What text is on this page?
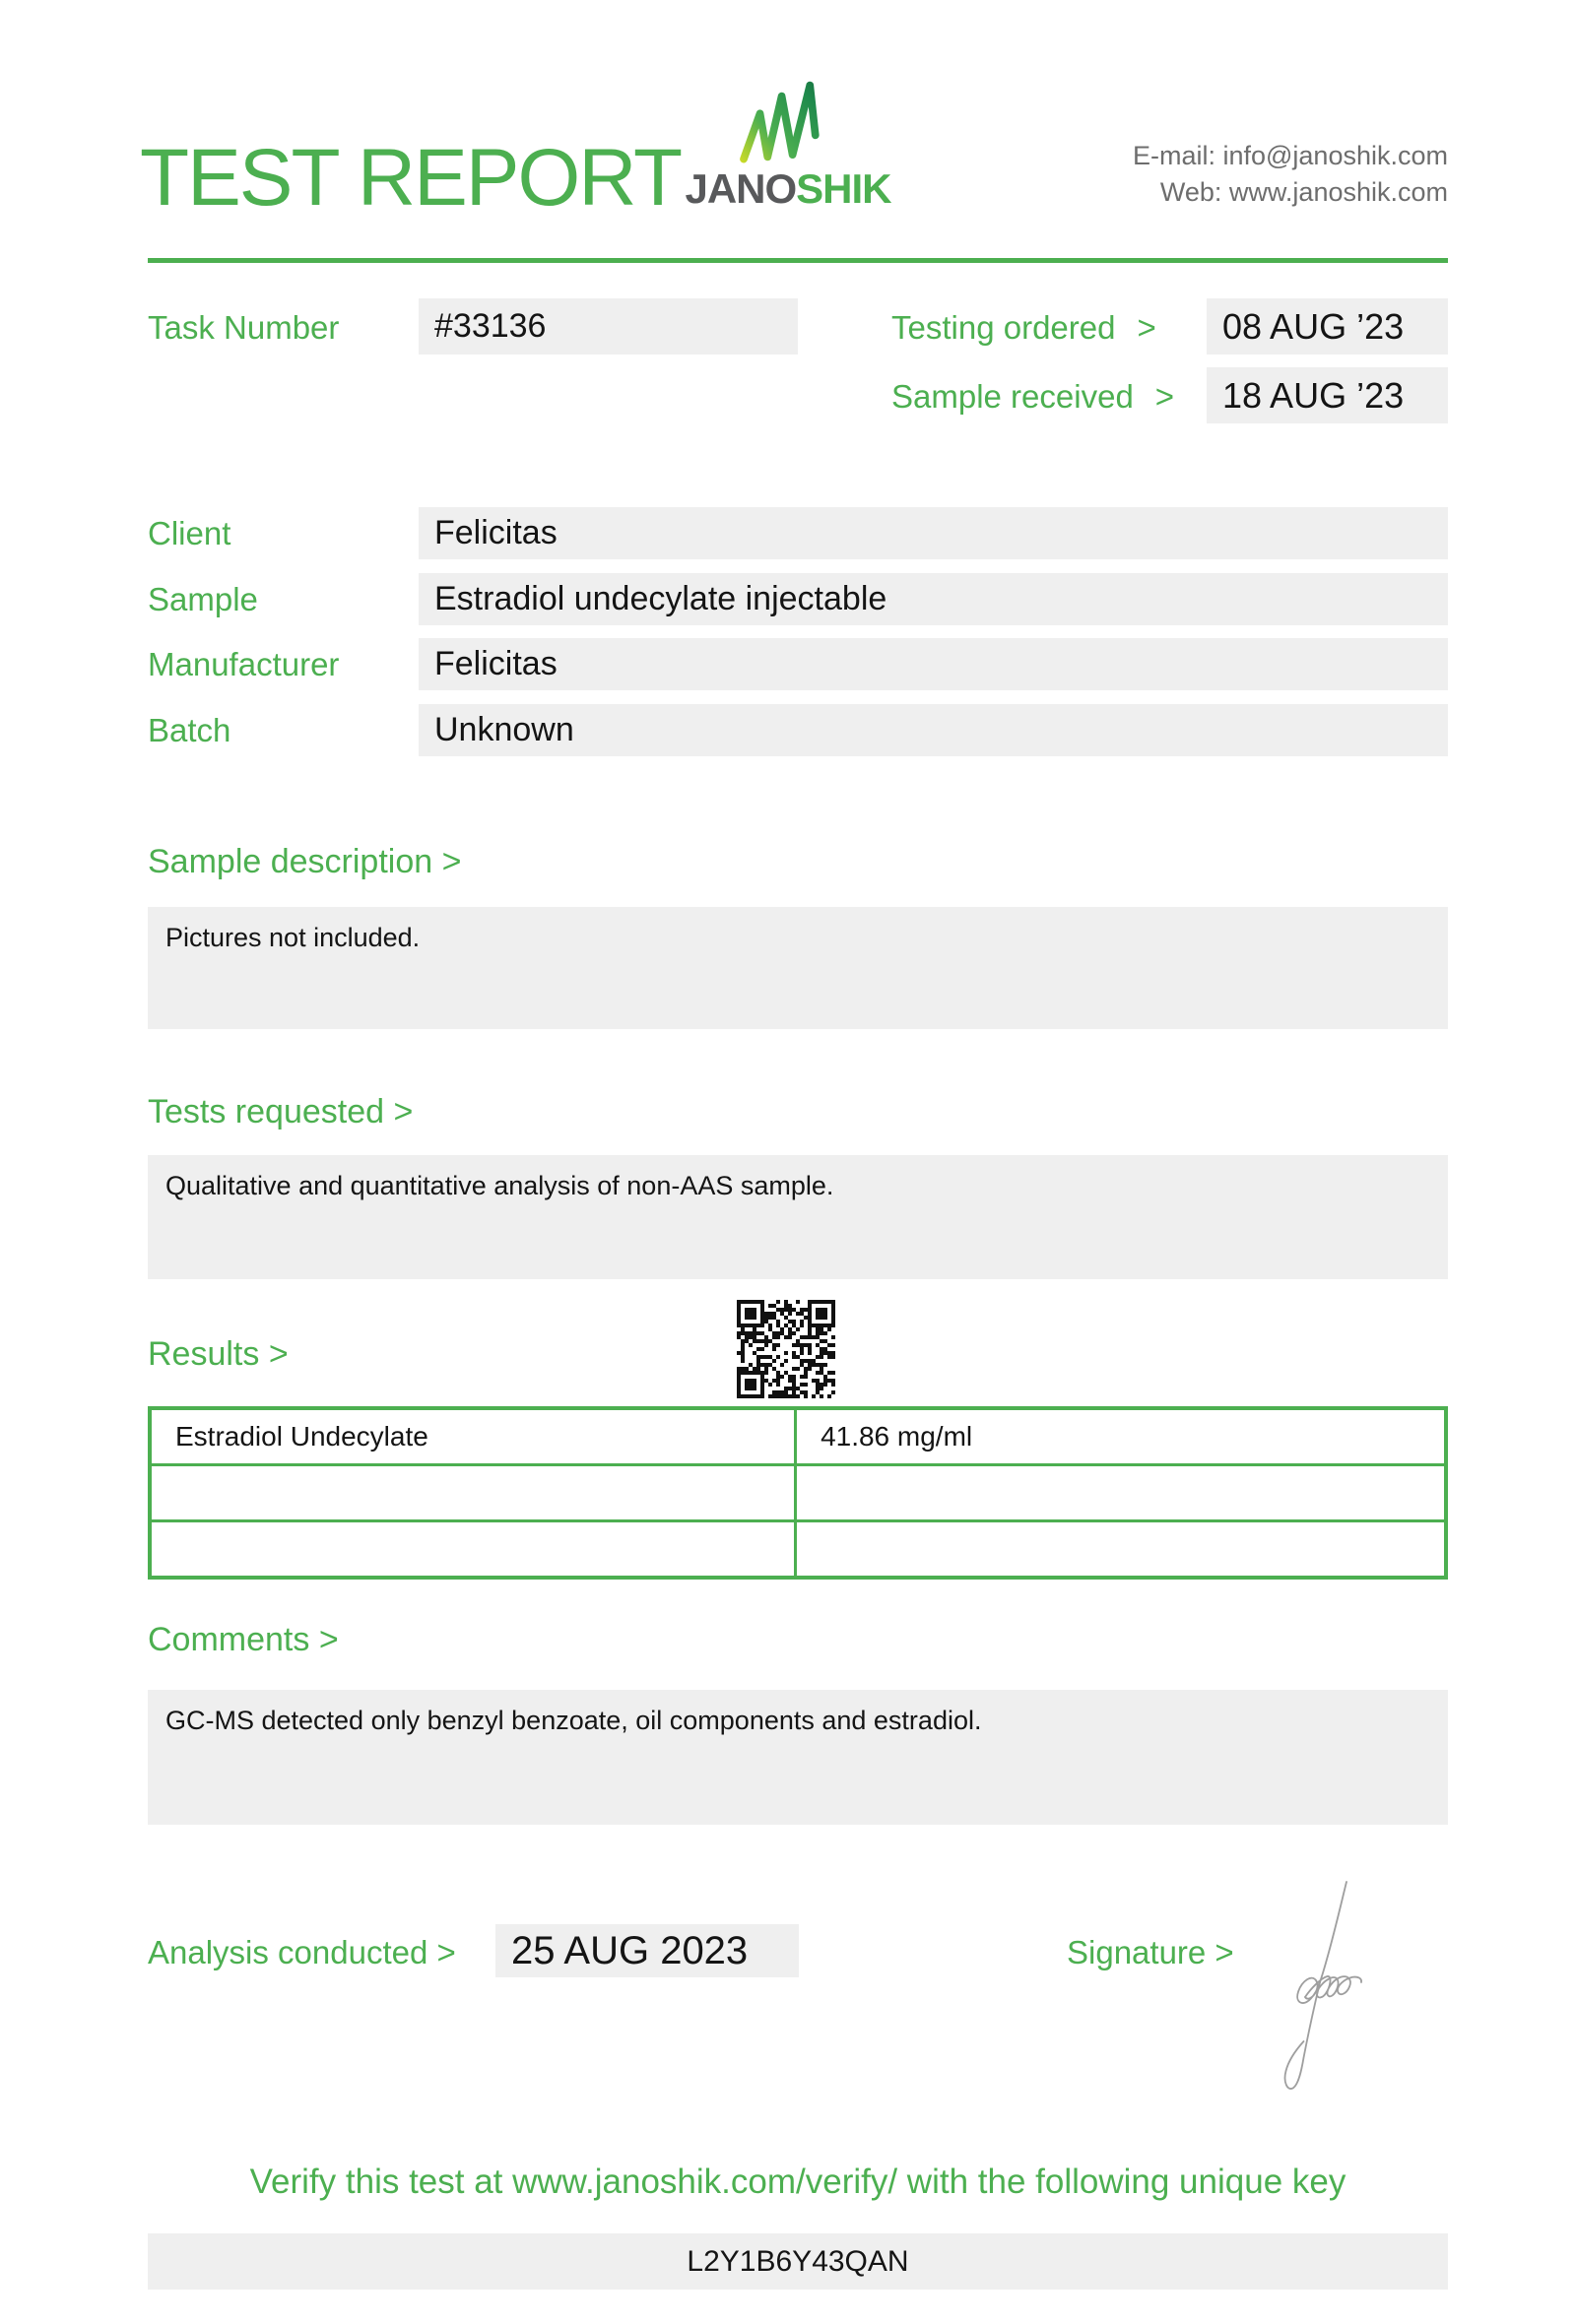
TEST REPORT JANOSHIK
E-mail: info@janoshik.com
Web: www.janoshik.com
Task Number	#33136	Testing ordered >	08 AUG ’23
Sample received >	18 AUG ’23
Client	Felicitas
Sample	Estradiol undecylate injectable
Manufacturer	Felicitas
Batch	Unknown
Sample description >
Pictures not included.
Tests requested >
Qualitative and quantitative analysis of non-AAS sample.
Results >
Estradiol Undecylate	41.86 mg/ml
Comments >
GC-MS detected only benzyl benzoate, oil components and estradiol.
Analysis conducted >	25 AUG 2023	Signature >
Verify this test at www.janoshik.com/verify/ with the following unique key
L2Y1B6Y43QAN
